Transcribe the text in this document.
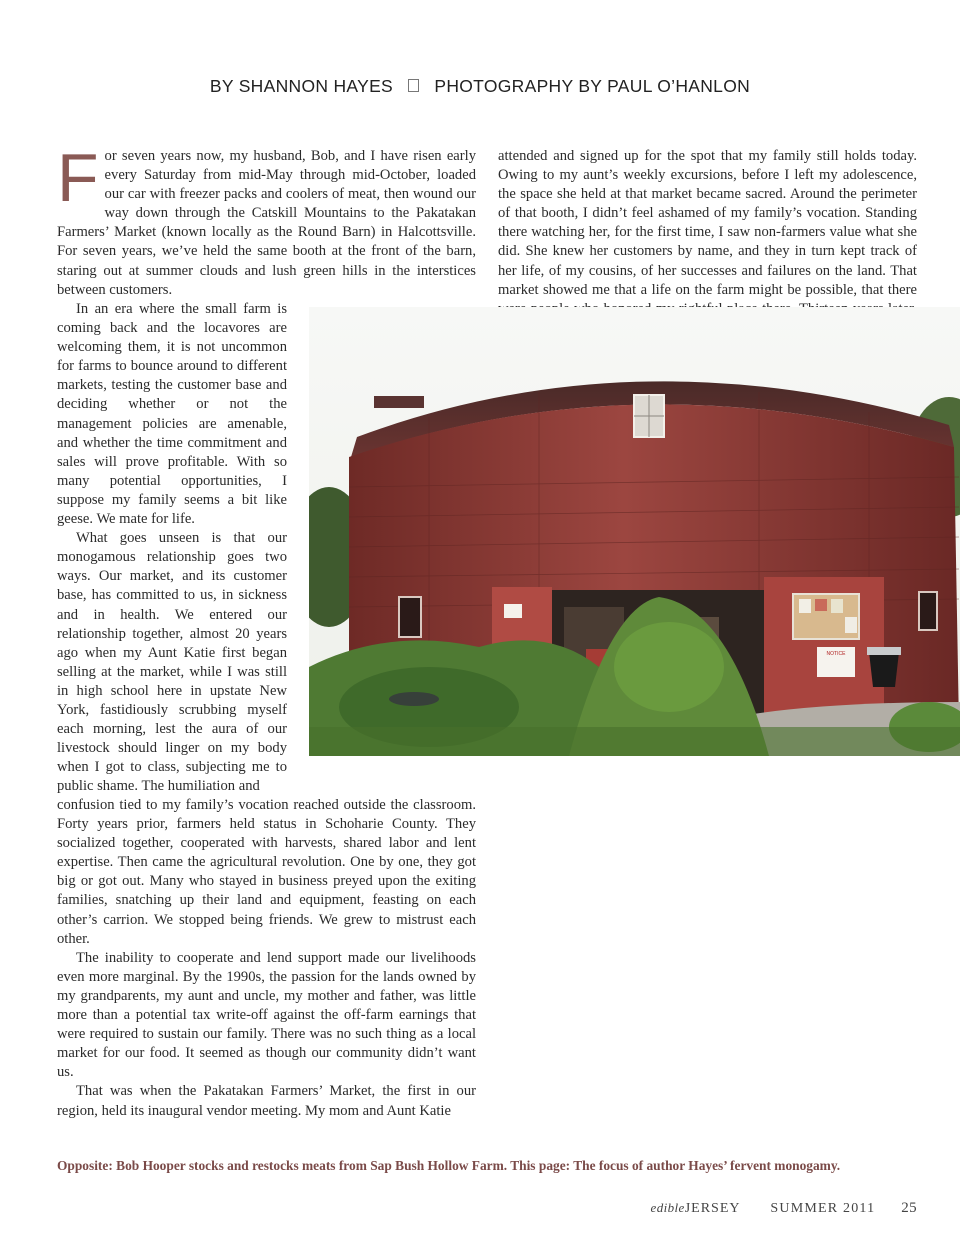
BY SHANNON HAYES PHOTOGRAPHY BY PAUL O’HANLON

F or seven years now, my husband, Bob, and I have risen early every Saturday from mid-May through mid-October, loaded our car with freezer packs and coolers of meat, then wound our way down through the Catskill Mountains to the Pakatakan Farmers’ Market (known locally as the Round Barn) in Halcottsville. For seven years, we’ve held the same booth at the front of the barn, staring out at summer clouds and lush green hills in the interstices between customers.

In an era where the small farm is coming back and the locavores are welcoming them, it is not uncommon for farms to bounce around to different markets, testing the customer base and deciding whether or not the management policies are amenable, and whether the time commitment and sales will prove profitable. With so many potential opportunities, I suppose my family seems a bit like geese. We mate for life.

What goes unseen is that our monogamous relationship goes two ways. Our market, and its customer base, has committed to us, in sickness and in health. We entered our relationship together, almost 20 years ago when my Aunt Katie first began selling at the market, while I was still in high school here in upstate New York, fastidiously scrubbing myself each morning, lest the aura of our livestock should linger on my body when I got to class, subjecting me to public shame. The humiliation and

confusion tied to my family’s vocation reached outside the classroom. Forty years prior, farmers held status in Schoharie County. They socialized together, cooperated with harvests, shared labor and lent expertise. Then came the agricultural revolution. One by one, they got big or got out. Many who stayed in business preyed upon the exiting families, snatching up their land and equipment, feasting on each other’s carrion. We stopped being friends. We grew to mistrust each other.

The inability to cooperate and lend support made our livelihoods even more marginal. By the 1990s, the passion for the lands owned by my grandparents, my aunt and uncle, my mother and father, was little more than a potential tax write-off against the off-farm earnings that were required to sustain our family. There was no such thing as a local market for our food. It seemed as though our community didn’t want us.

That was when the Pakatakan Farmers’ Market, the first in our region, held its inaugural vendor meeting. My mom and Aunt Katie

attended and signed up for the spot that my family still holds today. Owing to my aunt’s weekly excursions, before I left my adolescence, the space she held at that market became sacred. Around the perimeter of that booth, I didn’t feel ashamed of my family’s vocation. Standing there watching her, for the first time, I saw non-farmers value what she did. She knew her customers by name, and they in turn kept track of her life, of my cousins, of her successes and failures on the land. That market showed me that a life on the farm might be possible, that there

NOTICE
Opposite: Bob Hooper stocks and restocks meats from Sap Bush Hollow Farm. This page: The focus of author Hayes’ fervent monogamy.
edibleJERSEY SUMMER 2011 25
